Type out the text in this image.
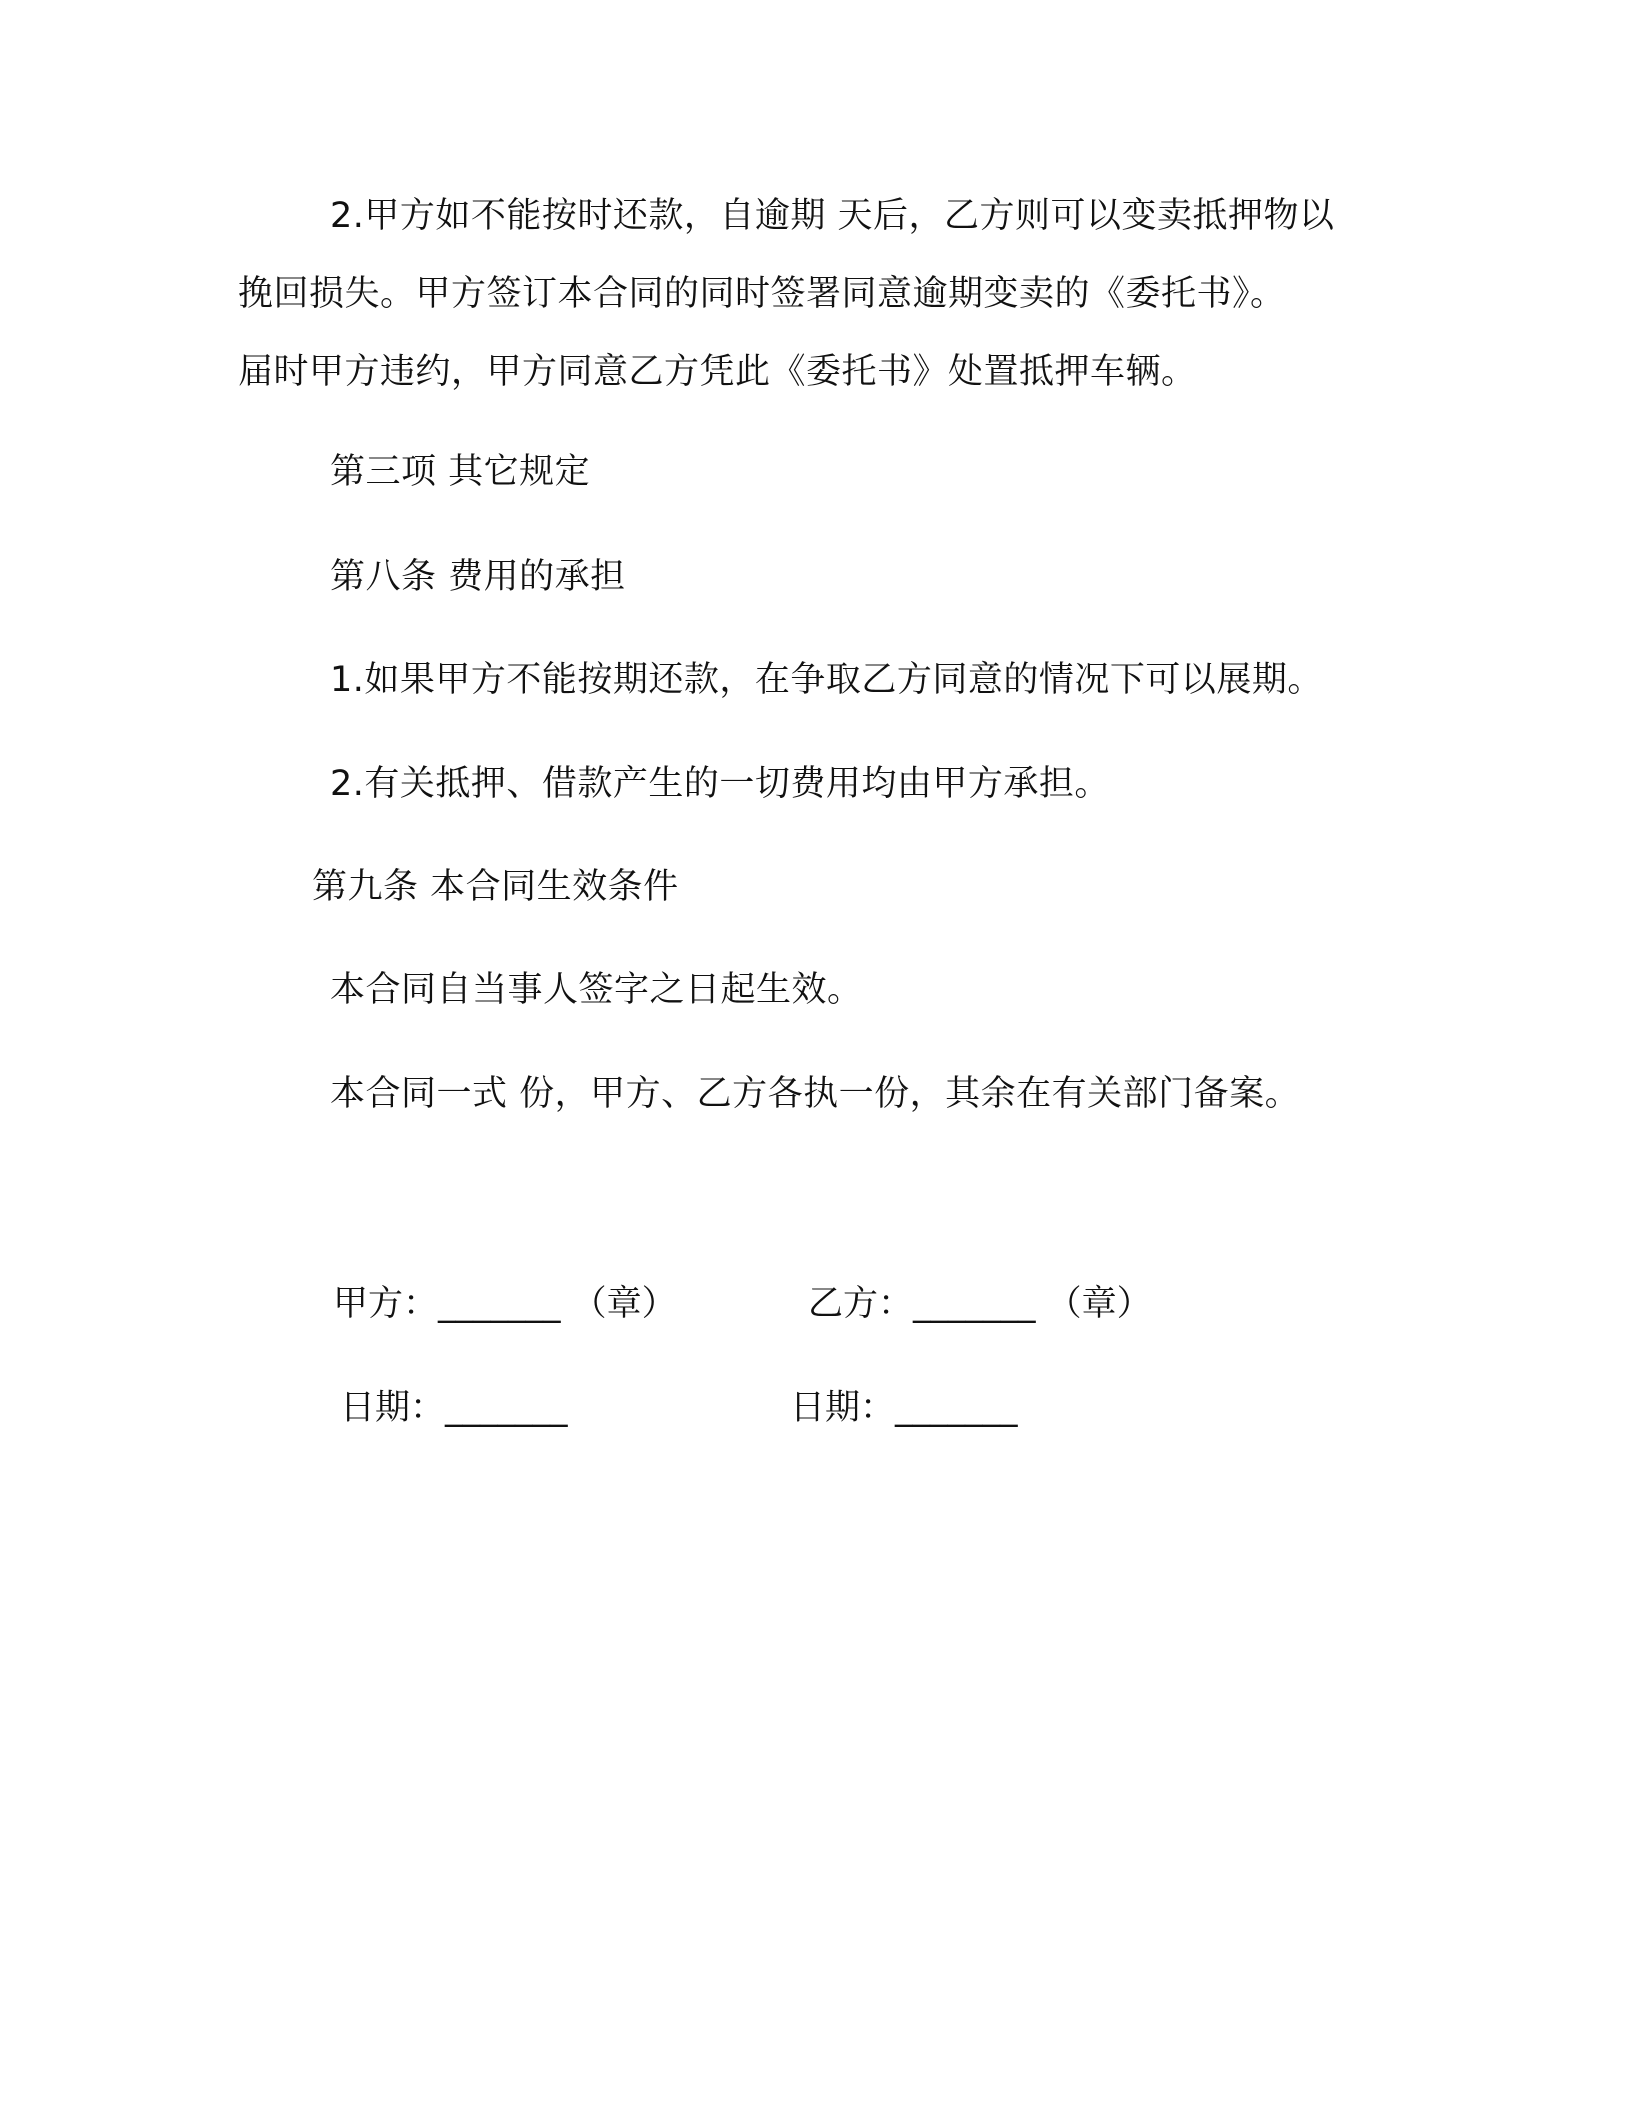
2.甲方如不能按时还款，自逾期 天后，乙方则可以变卖抵押物以
挽回损失。甲方签订本合同的同时签署同意逾期变卖的《委托书》。
届时甲方违约，甲方同意乙方凭此《委托书》处置抵押车辆。
第三项 其它规定
第八条 费用的承担
1.如果甲方不能按期还款，在争取乙方同意的情况下可以展期。
2.有关抵押、借款产生的一切费用均由甲方承担。
第九条 本合同生效条件
本合同自当事人签字之日起生效。
本合同一式 份，甲方、乙方各执一份，其余在有关部门备案。
甲方：_______ （章）	乙方：_______ （章）
日期：_______	日期：_______
